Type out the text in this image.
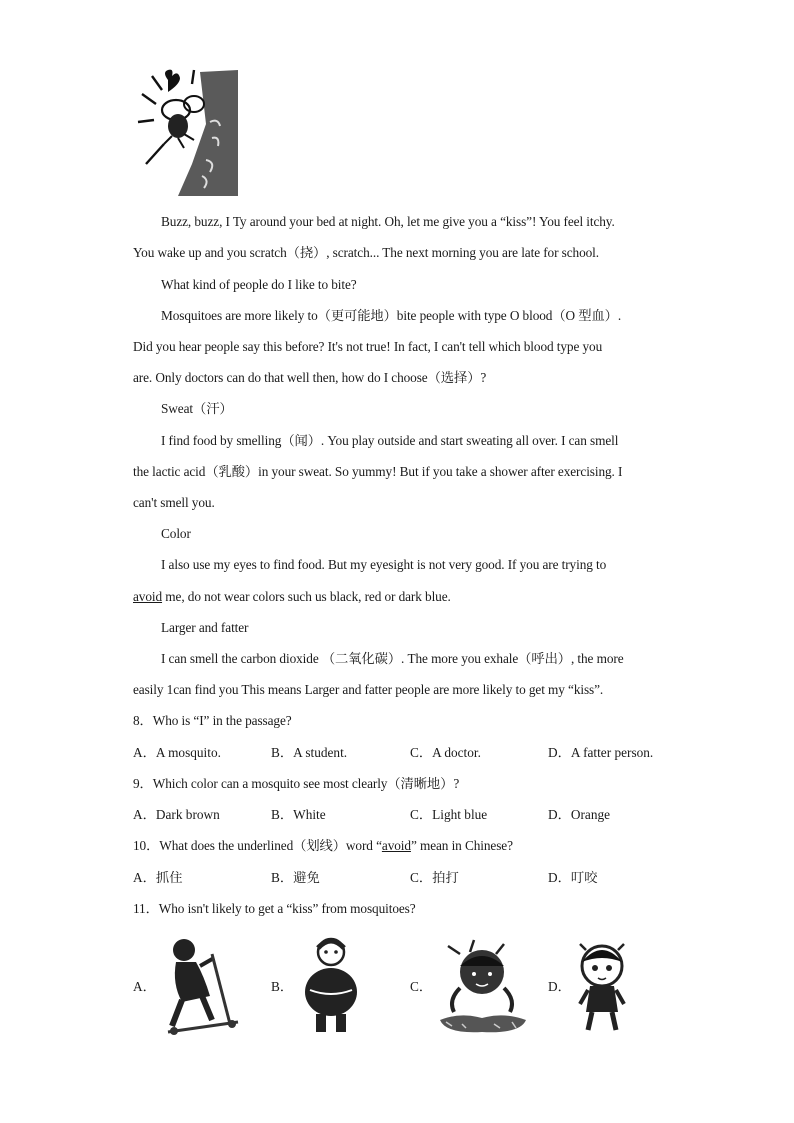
Buzz, buzz, I Ty around your bed at night. Oh, let me give you a “kiss”! You feel itchy.
You wake up and you scratch（挠）, scratch... The next morning you are late for school.
What kind of people do I like to bite?
Mosquitoes are more likely to（更可能地）bite people with type O blood（O 型血）.
Did you hear people say this before? It's not true! In fact, I can't tell which blood type you
are. Only doctors can do that well then, how do I choose（选择）?
Sweat（汗）
I find food by smelling（闻）. You play outside and start sweating all over. I can smell
the lactic acid（乳酸）in your sweat. So yummy! But if you take a shower after exercising. I
can't smell you.
Color
I also use my eyes to find food. But my eyesight is not very good. If you are trying to
avoid me, do not wear colors such us black, red or dark blue.
Larger and fatter
I can smell the carbon dioxide （二氧化碳）. The more you exhale（呼出）, the more
easily 1can find you This means Larger and fatter people are more likely to get my “kiss”.
8．Who is “I” in the passage?
A．A mosquito.	B．A student.	C．A doctor.	D．A fatter person.
9．Which color can a mosquito see most clearly（清晰地）?
A．Dark brown	B．White	C．Light blue	D．Orange
10．What does the underlined（划线）word “avoid” mean in Chinese?
A．抓住	B．避免	C．拍打	D．叮咬
11．Who isn't likely to get a “kiss” from mosquitoes?
A．	B．	C．	D．
